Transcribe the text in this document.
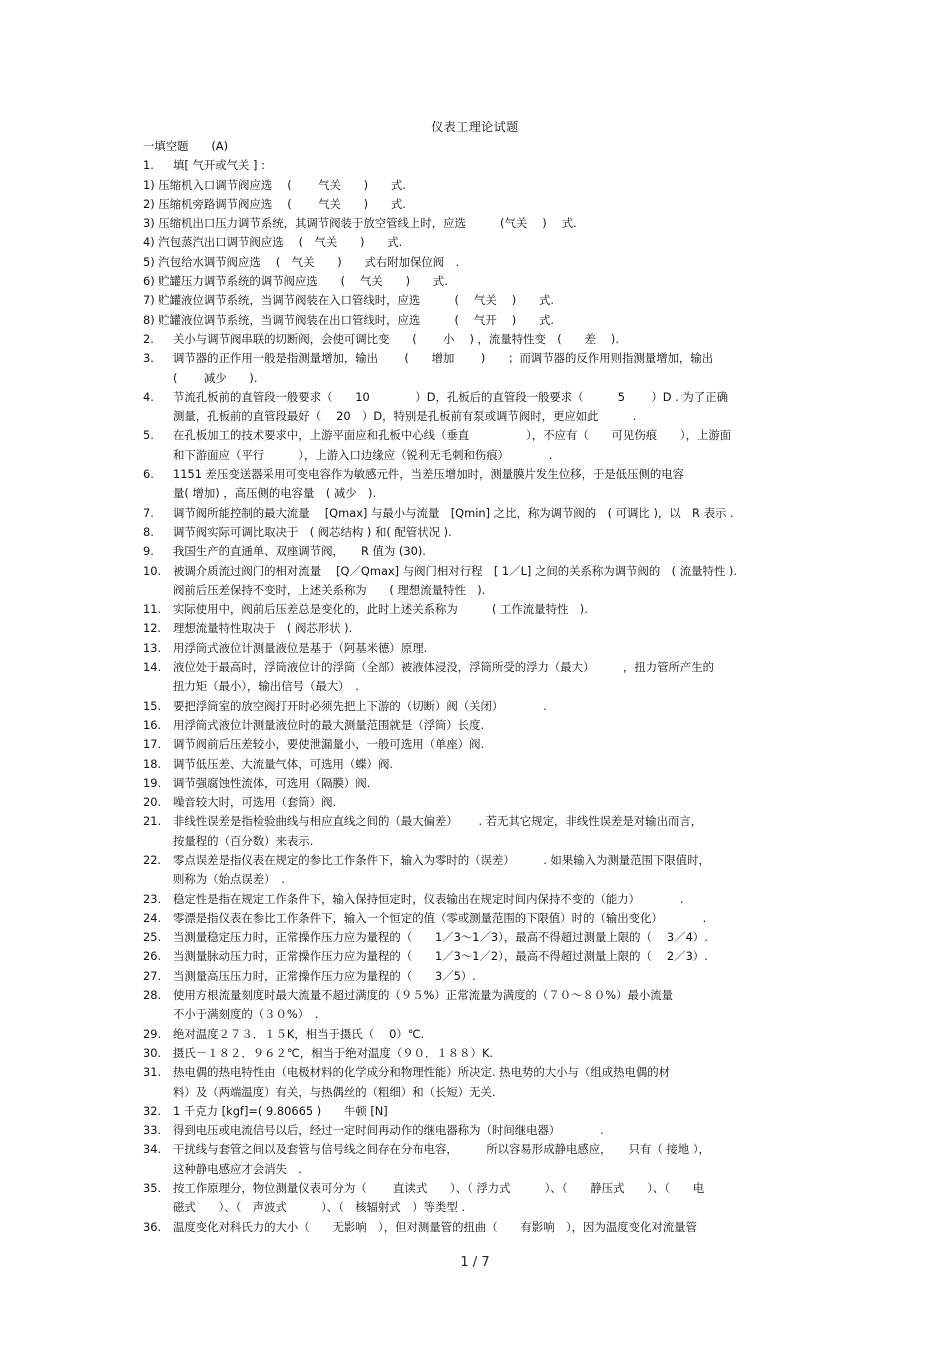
仪表工理论试题
一填空题　　(A)
1. 填[ 气开或气关 ] :
1) 压缩机入口调节阀应选　 (　　 气关　　)　　式.
2) 压缩机旁路调节阀应选　 (　　 气关　　)　　式.
3) 压缩机出口压力调节系统，其调节阀装于放空管线上时，应选　　　(气关　 )　 式.
4) 汽包蒸汽出口调节阀应选　 (　气关　　)　　式.
5) 汽包给水调节阀应选　 (　气关　　)　　式右附加保位阀　.
6) 贮罐压力调节系统的调节阀应选　　(　 气关　　)　　式.
7) 贮罐液位调节系统，当调节阀装在入口管线时，应选　　　(　 气关　 )　　式.
8) 贮罐液位调节系统，当调节阀装在出口管线时，应选　　　(　 气开　 )　　式.
2. 关小与调节阀串联的切断阀，会使可调比变　　(　　 小　 ) ，流量特性变　(　　差　 ).
3. 调节器的正作用一般是指测量增加，输出　　 (　　增加　　 )　　；而调节器的反作用则指测量增加，输出
(　　 减少　　).
4. 节流孔板前的直管段一般要求（　　10　　　　）D，孔板后的直管段一般要求（　　　5　　 ）D . 为了正确
测量，孔板前的直管段最好（　 20　）D，特别是孔板前有泵或调节阀时，更应如此　　　.
5. 在孔板加工的技术要求中，上游平面应和孔板中心线（垂直　　　　　），不应有（　　可见伤痕　　），上游面
和下游面应（平行　　　），上游入口边缘应（锐利无毛刺和伤痕）　　　　.
6. 1151 差压变送器采用可变电容作为敏感元件，当差压增加时，测量膜片发生位移，于是低压侧的电容
量( 增加) ，高压侧的电容量　( 减少　).
7. 调节阀所能控制的最大流量　 [Qmax] 与最小与流量　[Qmin] 之比，称为调节阀的　( 可调比 )，以　R 表示 .
8. 调节阀实际可调比取决于　( 阀芯结构 ) 和( 配管状况 ).
9. 我国生产的直通单、双座调节阀，　　R 值为 (30).
10. 被调介质流过阀门的相对流量　 [Q／Qmax] 与阀门相对行程　[ 1／L] 之间的关系称为调节阀的　( 流量特性 ).
阀前后压差保持不变时，上述关系称为　　( 理想流量特性　).
11. 实际使用中，阀前后压差总是变化的，此时上述关系称为　　　( 工作流量特性　).
12. 理想流量特性取决于　( 阀芯形状 ).
13. 用浮筒式液位计测量液位是基于（阿基米德）原理.
14. 液位处于最高时，浮筒液位计的浮筒（全部）被液体浸没，浮筒所受的浮力（最大）　　　，扭力管所产生的
扭力矩（最小），输出信号（最大）　.
15. 要把浮筒室的放空阀打开时必须先把上下游的（切断）阀（关闭）　　　　.
16. 用浮筒式液位计测量液位时的最大测量范围就是（浮筒）长度.
17. 调节阀前后压差较小，要使泄漏量小，一般可选用（单座）阀.
18. 调节低压差、大流量气体，可选用（蝶）阀.
19. 调节强腐蚀性流体，可选用（隔膜）阀.
20. 噪音较大时，可选用（套筒）阀.
21. 非线性误差是指检验曲线与相应直线之间的（最大偏差）　　 . 若无其它规定，非线性误差是对输出而言，
按量程的（百分数）来表示.
22. 零点误差是指仪表在规定的参比工作条件下，输入为零时的（误差）　　　. 如果输入为测量范围下限值时，
则称为（始点误差）　.
23. 稳定性是指在规定工作条件下，输入保持恒定时，仪表输出在规定时间内保持不变的（能力）　　　　.
24. 零漂是指仪表在参比工作条件下，输入一个恒定的值（零或测量范围的下限值）时的（输出变化）　　　　.
25. 当测量稳定压力时，正常操作压力应为量程的（　　1／3～1／3），最高不得超过测量上限的（　 3／4）.
26. 当测量脉动压力时，正常操作压力应为量程的（　　1／3～1／2），最高不得超过测量上限的（　 2／3）.
27. 当测量高压压力时，正常操作压力应为量程的（　　3／5）.
28. 使用方根流量刻度时最大流量不超过满度的（９５%）正常流量为满度的（７０～８０%）最小流量
不小于满刻度的（３０%）　.
29. 绝对温度２７３．１５K，相当于摄氏（　 0）℃.
30. 摄氏－１８２．９６２℃，相当于绝对温度（９０．１８８）K.
31. 热电偶的热电特性由（电极材料的化学成分和物理性能）所决定. 热电势的大小与（组成热电偶的材
料）及（两端温度）有关，与热偶丝的（粗细）和（长短）无关.
32. 1 千克力 [kgf]=( 9.80665 )　　牛顿 [N]
33. 得到电压或电流信号以后，经过一定时间再动作的继电器称为（时间继电器）　　　　.
34. 干扰线与套管之间以及套管与信号线之间存在分布电容，　　　所以容易形成静电感应，　　只有（ 接地 ），
这种静电感应才会消失　.
35. 按工作原理分，物位测量仪表可分为（　　 直读式　　）、（ 浮力式　　　）、（　　静压式　　）、（　　电
磁式　　）、（　声波式　　　）、（　核辐射式　）等类型 .
36. 温度变化对科氏力的大小（　　无影响　），但对测量管的扭曲（　　有影响　），因为温度变化对流量管
1 / 7
